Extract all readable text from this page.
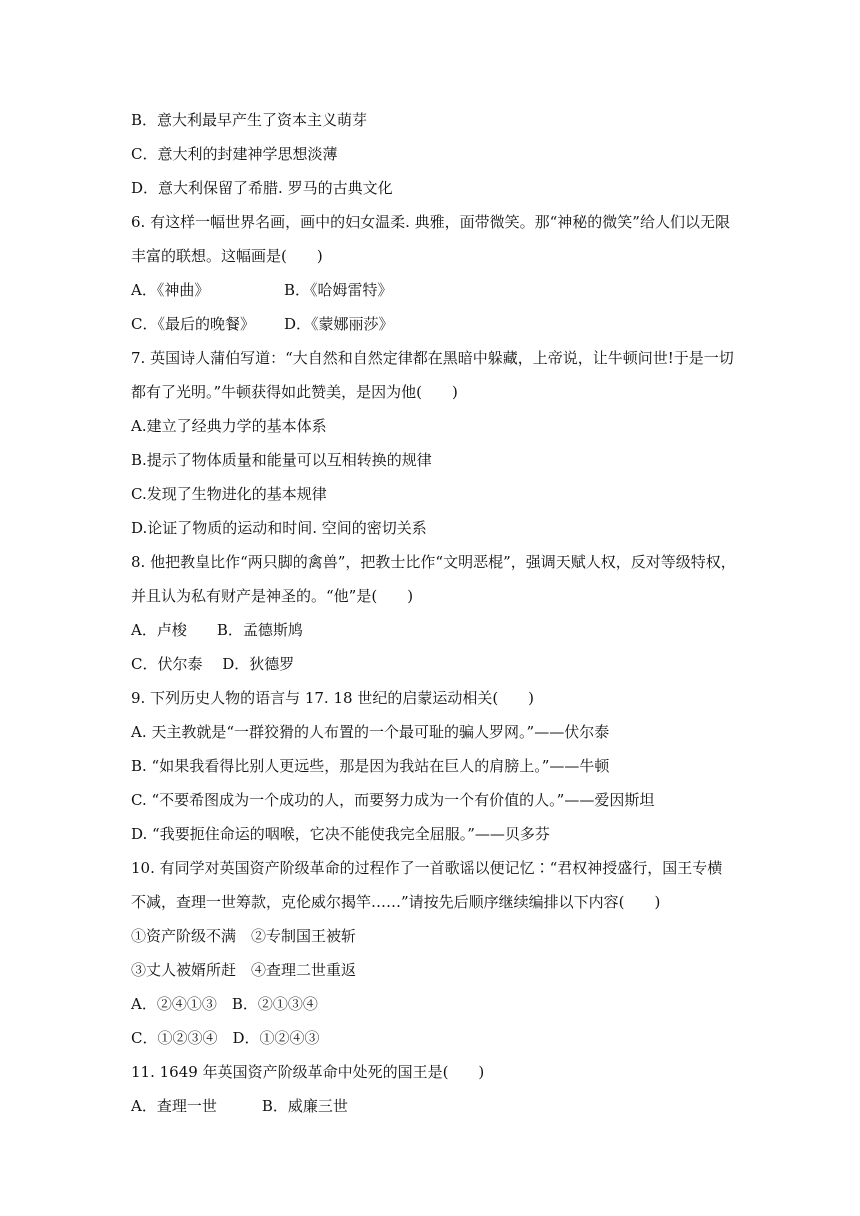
B．意大利最早产生了资本主义萌芽
C．意大利的封建神学思想淡薄
D．意大利保留了希腊. 罗马的古典文化
6. 有这样一幅世界名画，画中的妇女温柔. 典雅，面带微笑。那“神秘的微笑”给人们以无限
丰富的联想。这幅画是(　　)
A．《神曲》	B．《哈姆雷特》
C．《最后的晚餐》 D．《蒙娜丽莎》
7. 英国诗人蒲伯写道：“大自然和自然定律都在黑暗中躲藏，上帝说，让牛顿问世!于是一切
都有了光明。”牛顿获得如此赞美，是因为他(　　)
A.建立了经典力学的基本体系
B.提示了物体质量和能量可以互相转换的规律
C.发现了生物进化的基本规律
D.论证了物质的运动和时间. 空间的密切关系
8. 他把教皇比作“两只脚的禽兽”，把教士比作“文明恶棍”，强调天赋人权，反对等级特权，
并且认为私有财产是神圣的。“他”是(　　)
A．卢梭　　B．孟德斯鸠
C．伏尔泰　 D．狄德罗
9. 下列历史人物的语言与 17. 18 世纪的启蒙运动相关(　　)
A. 天主教就是“一群狡猾的人布置的一个最可耻的骗人罗网。”——伏尔泰
B. “如果我看得比别人更远些，那是因为我站在巨人的肩膀上。”——牛顿
C. “不要希图成为一个成功的人，而要努力成为一个有价值的人。”——爱因斯坦
D. “我要扼住命运的咽喉，它决不能使我完全屈服。”——贝多芬
10. 有同学对英国资产阶级革命的过程作了一首歌谣以便记忆∶“君权神授盛行，国王专横
不减，查理一世筹款，克伦威尔揭竿……”请按先后顺序继续编排以下内容(　　)
①资产阶级不满　②专制国王被斩
③丈人被婿所赶　④查理二世重返
A．②④①③　B．②①③④
C．①②③④　D．①②④③
11. 1649 年英国资产阶级革命中处死的国王是(　　)
A．查理一世　　　B．威廉三世
